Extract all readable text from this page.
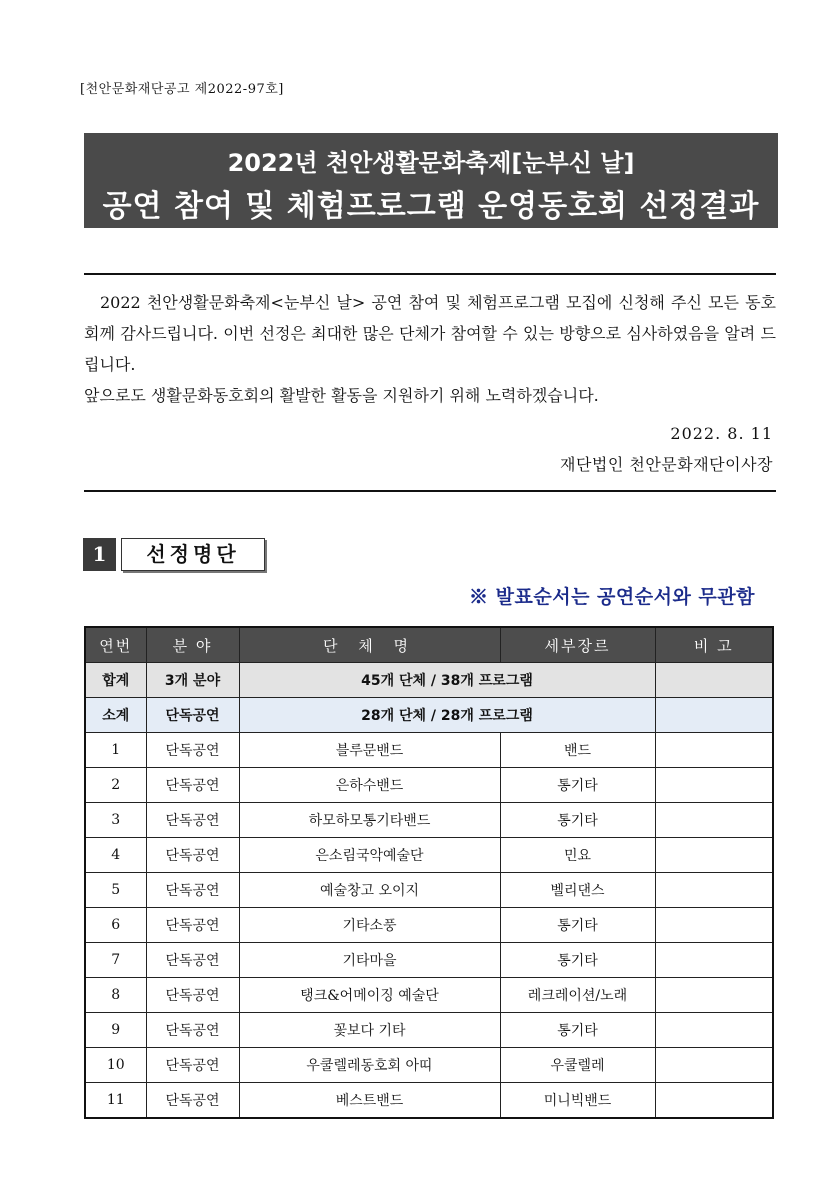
[천안문화재단공고 제2022-97호]
2022년 천안생활문화축제[눈부신 날]
공연 참여 및 체험프로그램 운영동호회 선정결과

2022 천안생활문화축제<눈부신 날> 공연 참여 및 체험프로그램 모집에 신청해 주신 모든 동호회께 감사드립니다. 이번 선정은 최대한 많은 단체가 참여할 수 있는 방향으로 심사하였음을 알려 드립니다.

앞으로도 생활문화동호회의 활발한 활동을 지원하기 위해 노력하겠습니다.

2022. 8. 11
재단법인 천안문화재단이사장
1	선정명단
※ 발표순서는 공연순서와 무관함
연번	분 야	단 체 명	세부장르	비 고
합계	3개 분야	45개 단체 / 38개 프로그램		
소계	단독공연	28개 단체 / 28개 프로그램		
1	단독공연	블루문밴드	밴드	
2	단독공연	은하수밴드	통기타	
3	단독공연	하모하모통기타밴드	통기타	
4	단독공연	은소림국악예술단	민요	
5	단독공연	예술창고 오이지	벨리댄스	
6	단독공연	기타소풍	통기타	
7	단독공연	기타마을	통기타	
8	단독공연	탱크&어메이징 예술단	레크레이션/노래	
9	단독공연	꽃보다 기타	통기타	
10	단독공연	우쿨렐레동호회 아띠	우쿨렐레	
11	단독공연	베스트밴드	미니빅밴드	
